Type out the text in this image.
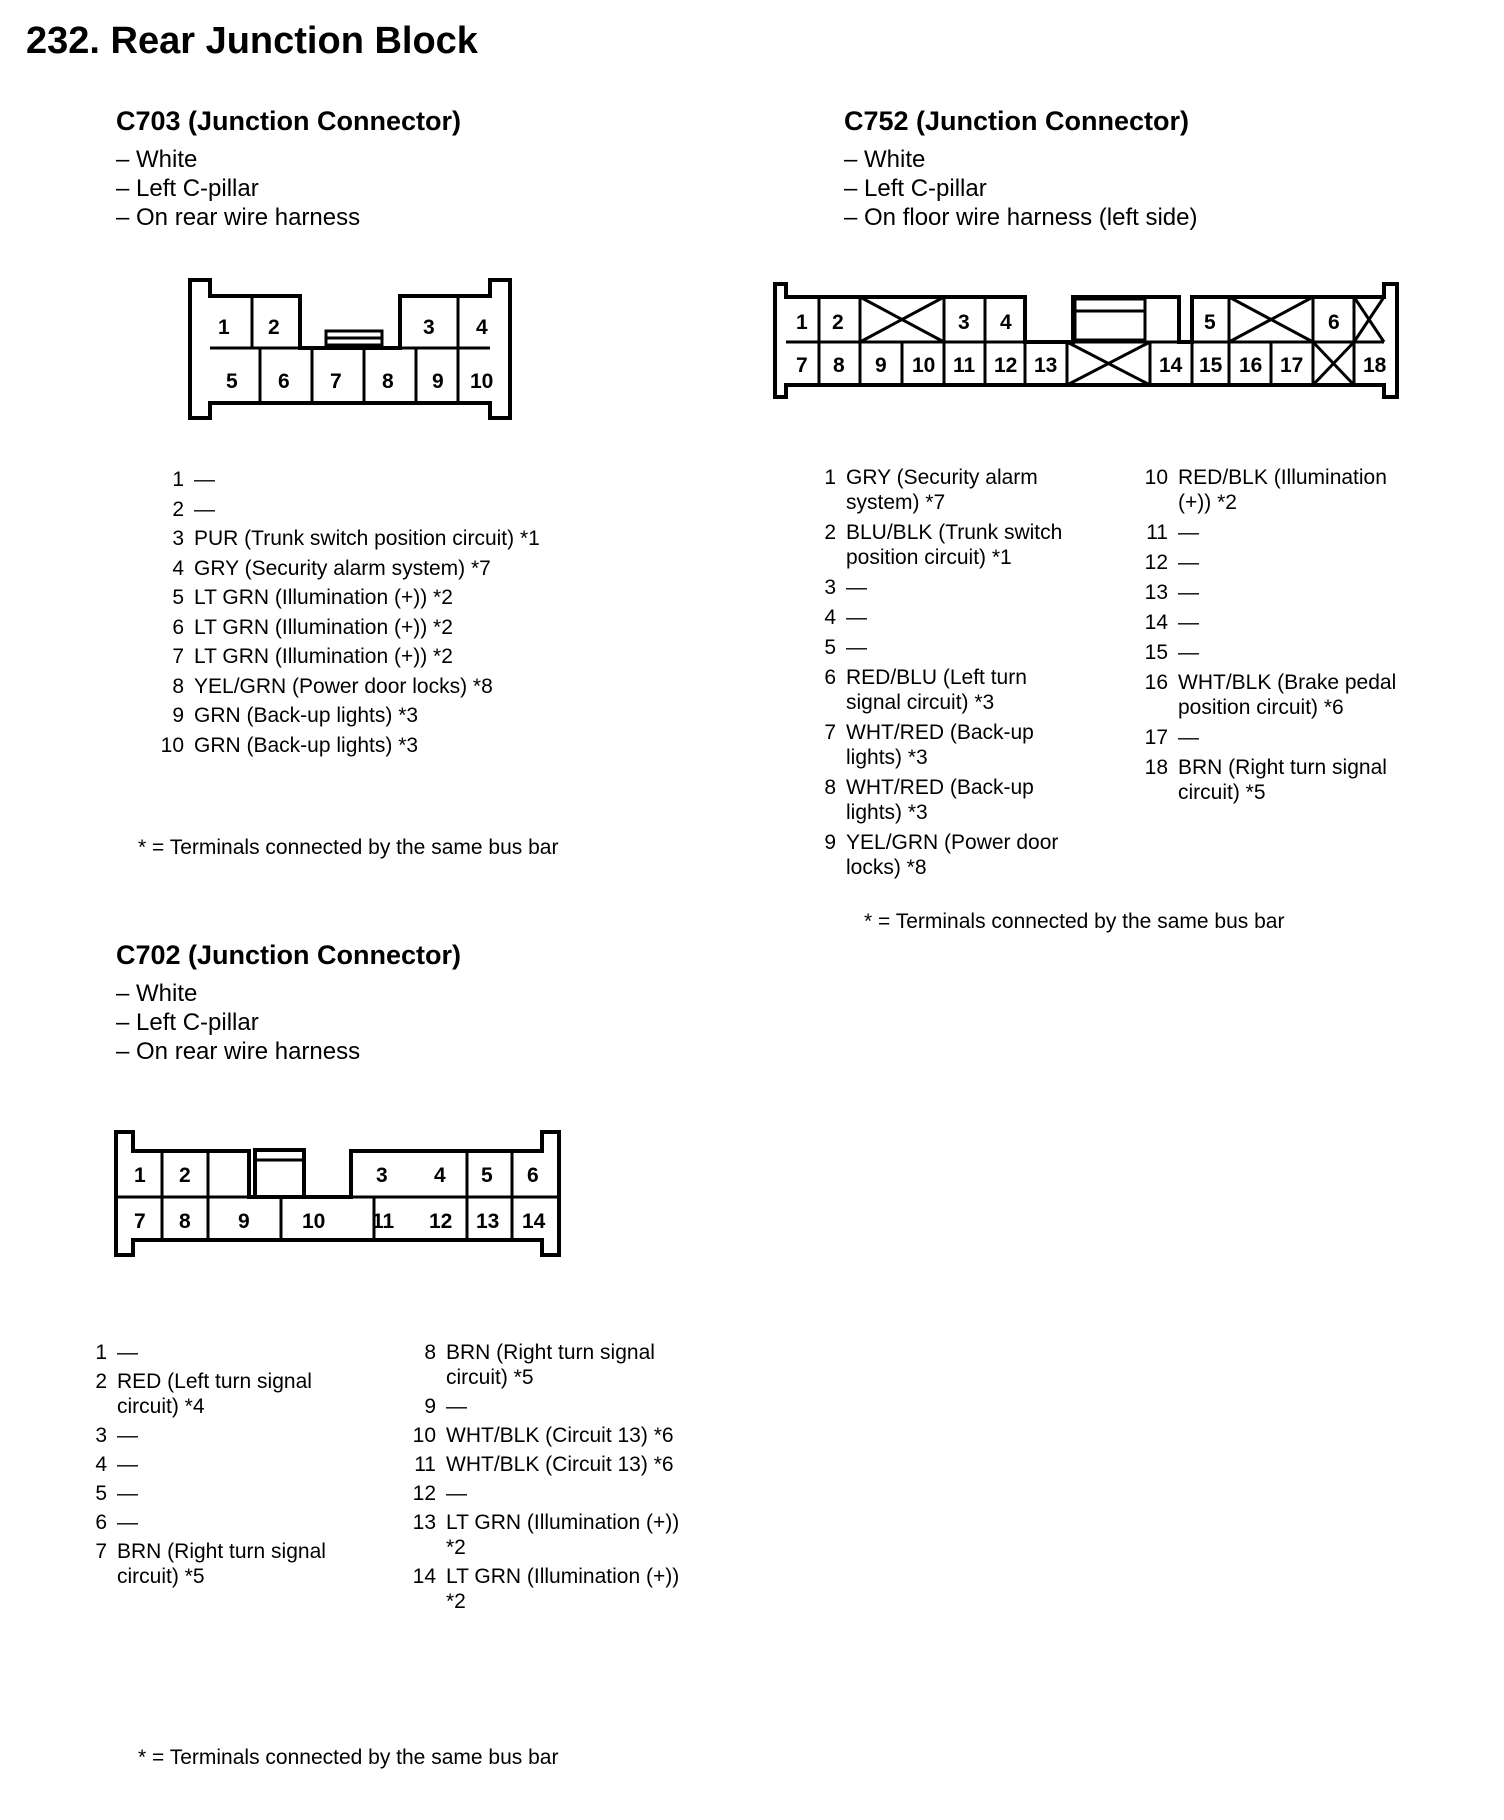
232. Rear Junction Block
C703 (Junction Connector)
– White
– Left C-pillar
– On rear wire harness
1 2	3 4
5 6 7 8 9 10
1 —
2 —
3 PUR (Trunk switch position circuit) *1
4 GRY (Security alarm system) *7
5 LT GRN (Illumination (+)) *2
6 LT GRN (Illumination (+)) *2
7 LT GRN (Illumination (+)) *2
8 YEL/GRN (Power door locks) *8
9 GRN (Back-up lights) *3
10 GRN (Back-up lights) *3
* = Terminals connected by the same bus bar
C752 (Junction Connector)
– White
– Left C-pillar
– On floor wire harness (left side)
1 2	3 4	5	6
7 8 9 10 11 12 13	14 15 16 17	18
1 GRY (Security alarm system) *7
2 BLU/BLK (Trunk switch position circuit) *1
3 —
4 —
5 —
6 RED/BLU (Left turn signal circuit) *3
7 WHT/RED (Back-up lights) *3
8 WHT/RED (Back-up lights) *3
9 YEL/GRN (Power door locks) *8
10 RED/BLK (Illumination (+)) *2
11 —
12 —
13 —
14 —
15 —
16 WHT/BLK (Brake pedal position circuit) *6
17 —
18 BRN (Right turn signal circuit) *5
* = Terminals connected by the same bus bar
C702 (Junction Connector)
– White
– Left C-pillar
– On rear wire harness
1 2	3 4 5 6
7 8 9 10 11 12 13 14
1 —
2 RED (Left turn signal circuit) *4
3 —
4 —
5 —
6 —
7 BRN (Right turn signal circuit) *5
8 BRN (Right turn signal circuit) *5
9 —
10 WHT/BLK (Circuit 13) *6
11 WHT/BLK (Circuit 13) *6
12 —
13 LT GRN (Illumination (+)) *2
14 LT GRN (Illumination (+)) *2
* = Terminals connected by the same bus bar
